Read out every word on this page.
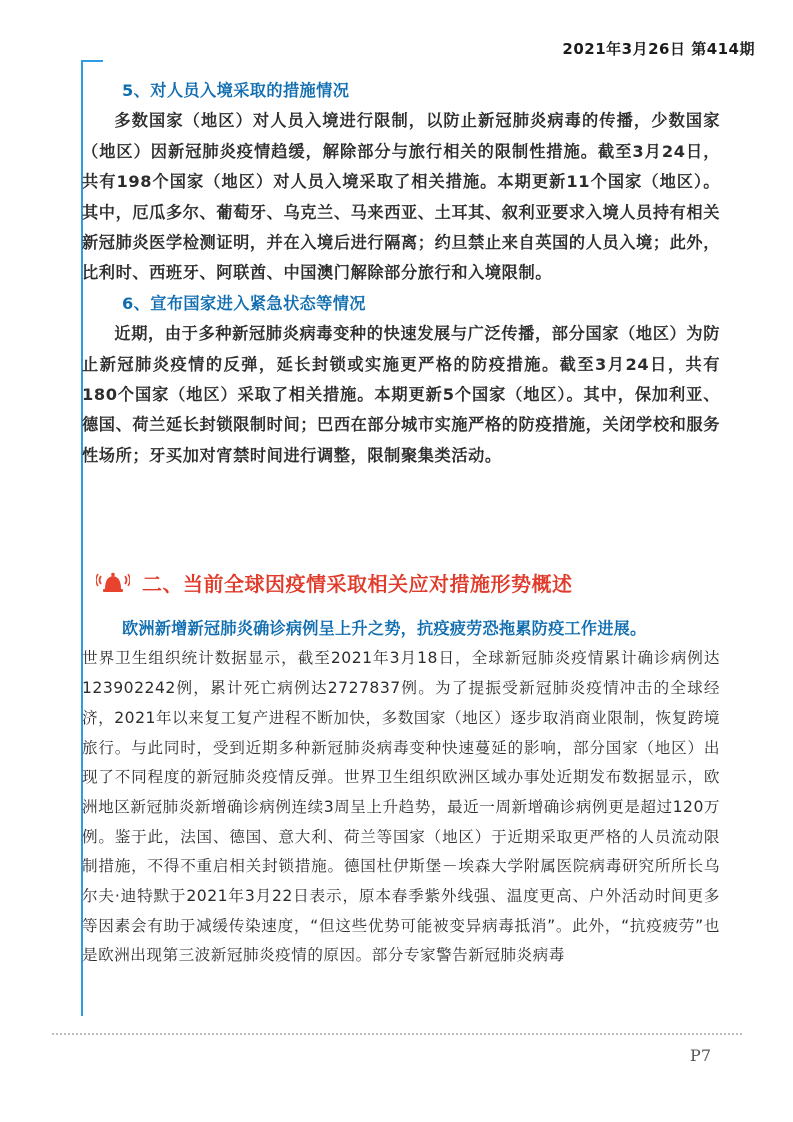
2021年3月26日 第414期

5、对人员入境采取的措施情况

多数国家（地区）对人员入境进行限制，以防止新冠肺炎病毒的传播，少数国家（地区）因新冠肺炎疫情趋缓，解除部分与旅行相关的限制性措施。截至3月24日，共有198个国家（地区）对人员入境采取了相关措施。本期更新11个国家（地区）。其中，厄瓜多尔、葡萄牙、乌克兰、马来西亚、土耳其、叙利亚要求入境人员持有相关新冠肺炎医学检测证明，并在入境后进行隔离；约旦禁止来自英国的人员入境；此外，比利时、西班牙、阿联酋、中国澳门解除部分旅行和入境限制。

6、宣布国家进入紧急状态等情况

近期，由于多种新冠肺炎病毒变种的快速发展与广泛传播，部分国家（地区）为防止新冠肺炎疫情的反弹，延长封锁或实施更严格的防疫措施。截至3月24日，共有180个国家（地区）采取了相关措施。本期更新5个国家（地区）。其中，保加利亚、德国、荷兰延长封锁限制时间；巴西在部分城市实施严格的防疫措施，关闭学校和服务性场所；牙买加对宵禁时间进行调整，限制聚集类活动。

二、当前全球因疫情采取相关应对措施形势概述

欧洲新增新冠肺炎确诊病例呈上升之势，抗疫疲劳恐拖累防疫工作进展。

世界卫生组织统计数据显示，截至2021年3月18日，全球新冠肺炎疫情累计确诊病例达123902242例，累计死亡病例达2727837例。为了提振受新冠肺炎疫情冲击的全球经济，2021年以来复工复产进程不断加快，多数国家（地区）逐步取消商业限制，恢复跨境旅行。与此同时，受到近期多种新冠肺炎病毒变种快速蔓延的影响，部分国家（地区）出现了不同程度的新冠肺炎疫情反弹。世界卫生组织欧洲区域办事处近期发布数据显示，欧洲地区新冠肺炎新增确诊病例连续3周呈上升趋势，最近一周新增确诊病例更是超过120万例。鉴于此，法国、德国、意大利、荷兰等国家（地区）于近期采取更严格的人员流动限制措施，不得不重启相关封锁措施。德国杜伊斯堡－埃森大学附属医院病毒研究所所长乌尔夫·迪特默于2021年3月22日表示，原本春季紫外线强、温度更高、户外活动时间更多等因素会有助于减缓传染速度，“但这些优势可能被变异病毒抵消”。此外，“抗疫疲劳”也是欧洲出现第三波新冠肺炎疫情的原因。部分专家警告新冠肺炎病毒

P7
